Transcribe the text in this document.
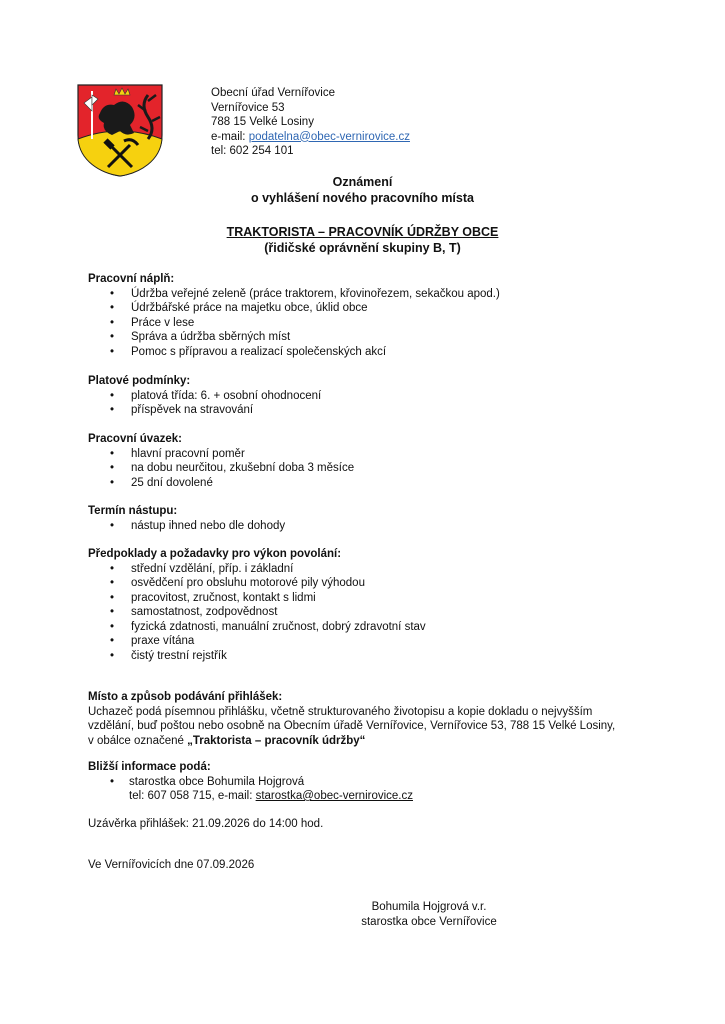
Obecní úřad Vernířovice
Vernířovice 53
788 15 Velké Losiny
e-mail: podatelna@obec-vernirovice.cz
tel: 602 254 101
Oznámení
o vyhlášení nového pracovního místa
TRAKTORISTA – PRACOVNÍK ÚDRŽBY OBCE
(řidičské oprávnění skupiny B, T)
Pracovní náplň:
• Údržba veřejné zeleně (práce traktorem, křovinořezem, sekačkou apod.)
• Údržbářské práce na majetku obce, úklid obce
• Práce v lese
• Správa a údržba sběrných míst
• Pomoc s přípravou a realizací společenských akcí
Platové podmínky:
• platová třída: 6. + osobní ohodnocení
• příspěvek na stravování
Pracovní úvazek:
• hlavní pracovní poměr
• na dobu neurčitou, zkušební doba 3 měsíce
• 25 dní dovolené
Termín nástupu:
• nástup ihned nebo dle dohody
Předpoklady a požadavky pro výkon povolání:
• střední vzdělání, příp. i základní
• osvědčení pro obsluhu motorové pily výhodou
• pracovitost, zručnost, kontakt s lidmi
• samostatnost, zodpovědnost
• fyzická zdatnosti, manuální zručnost, dobrý zdravotní stav
• praxe vítána
• čistý trestní rejstřík
Místo a způsob podávání přihlášek:
Uchazeč podá písemnou přihlášku, včetně strukturovaného životopisu a kopie dokladu o nejvyšším
vzdělání, buď poštou nebo osobně na Obecním úřadě Vernířovice, Vernířovice 53, 788 15 Velké Losiny,
v obálce označené „Traktorista – pracovník údržby“
Bližší informace podá:
• starostka obce Bohumila Hojgrová
tel: 607 058 715, e-mail: starostka@obec-vernirovice.cz
Uzávěrka přihlášek: 21.09.2026 do 14:00 hod.
Ve Vernířovicích dne 07.09.2026
Bohumila Hojgrová v.r.
starostka obce Vernířovice
